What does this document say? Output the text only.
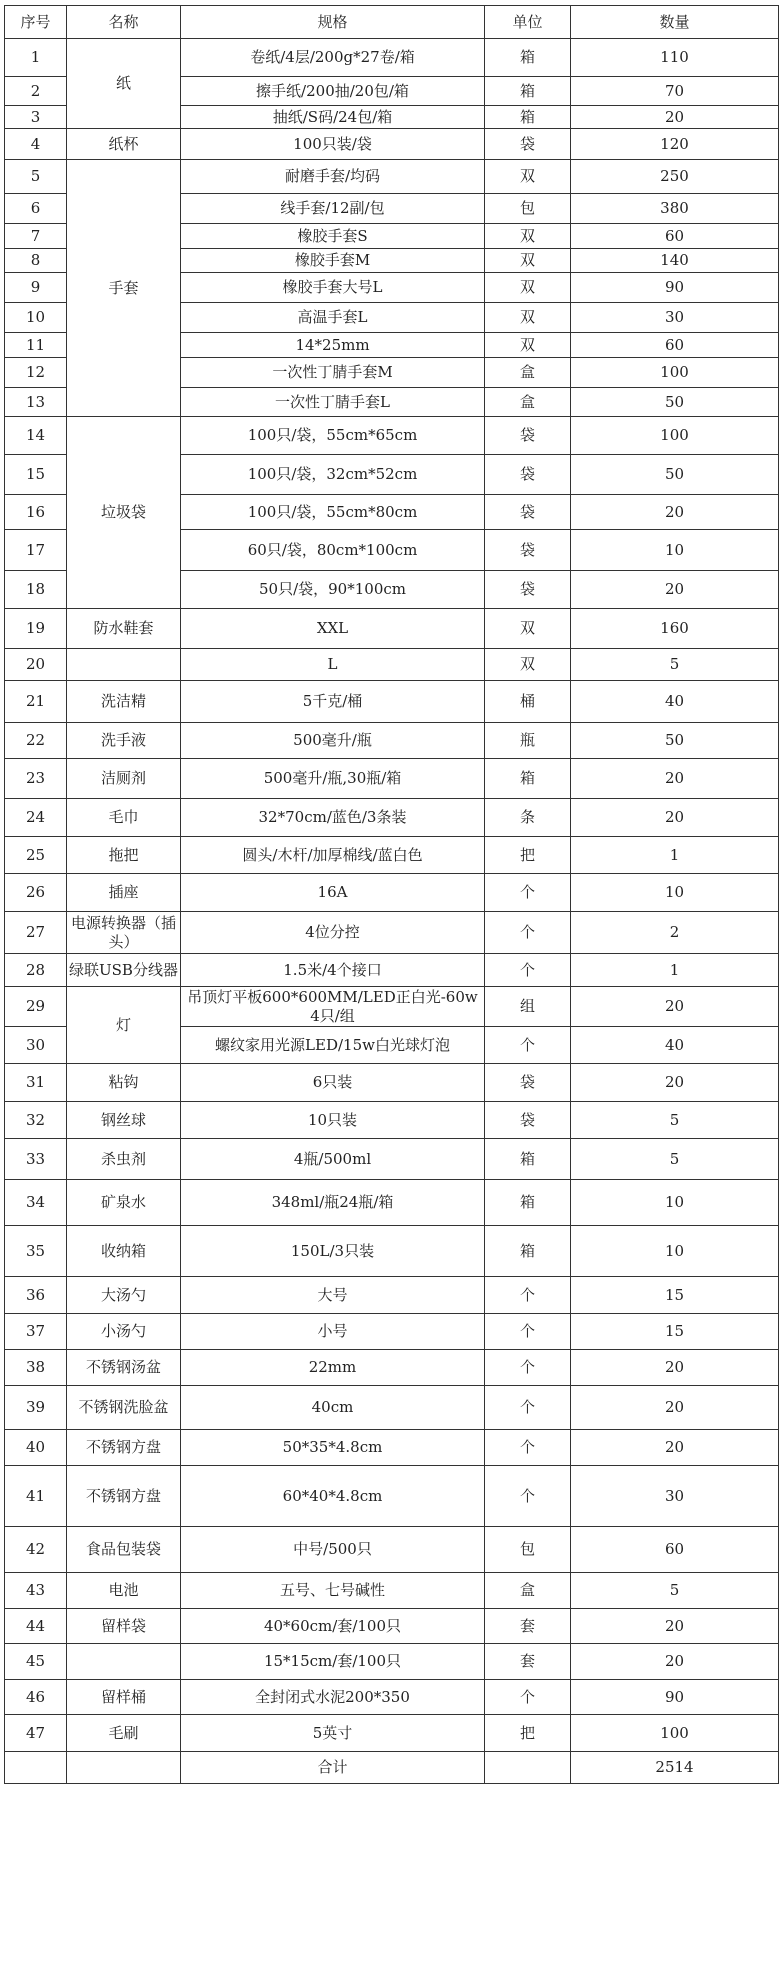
序号	名称	规格	单位	数量
1	纸	卷纸/4层/200g*27卷/箱	箱	110
2		擦手纸/200抽/20包/箱	箱	70
3		抽纸/S码/24包/箱	箱	20
4	纸杯	100只装/袋	袋	120
5	手套	耐磨手套/均码	双	250
6		线手套/12副/包	包	380
7		橡胶手套S	双	60
8		橡胶手套M	双	140
9		橡胶手套大号L	双	90
10		高温手套L	双	30
11		14*25mm	双	60
12		一次性丁腈手套M	盒	100
13		一次性丁腈手套L	盒	50
14	垃圾袋	100只/袋，55cm*65cm	袋	100
15		100只/袋，32cm*52cm	袋	50
16		100只/袋，55cm*80cm	袋	20
17		60只/袋，80cm*100cm	袋	10
18		50只/袋，90*100cm	袋	20
19	防水鞋套	XXL	双	160
20		L	双	5
21	洗洁精	5千克/桶	桶	40
22	洗手液	500毫升/瓶	瓶	50
23	洁厕剂	500毫升/瓶,30瓶/箱	箱	20
24	毛巾	32*70cm/蓝色/3条装	条	20
25	拖把	圆头/木杆/加厚棉线/蓝白色	把	1
26	插座	16A	个	10
27	电源转换器（插头）	4位分控	个	2
28	绿联USB分线器	1.5米/4个接口	个	1
29	灯	吊顶灯平板600*600MM/LED正白光-60w 4只/组	组	20
30		螺纹家用光源LED/15w白光球灯泡	个	40
31	粘钩	6只装	袋	20
32	钢丝球	10只装	袋	5
33	杀虫剂	4瓶/500ml	箱	5
34	矿泉水	348ml/瓶24瓶/箱	箱	10
35	收纳箱	150L/3只装	箱	10
36	大汤勺	大号	个	15
37	小汤勺	小号	个	15
38	不锈钢汤盆	22mm	个	20
39	不锈钢洗脸盆	40cm	个	20
40	不锈钢方盘	50*35*4.8cm	个	20
41	不锈钢方盘	60*40*4.8cm	个	30
42	食品包装袋	中号/500只	包	60
43	电池	五号、七号碱性	盒	5
44	留样袋	40*60cm/套/100只	套	20
45		15*15cm/套/100只	套	20
46	留样桶	全封闭式水泥200*350	个	90
47	毛刷	5英寸	把	100
		合计		2514
